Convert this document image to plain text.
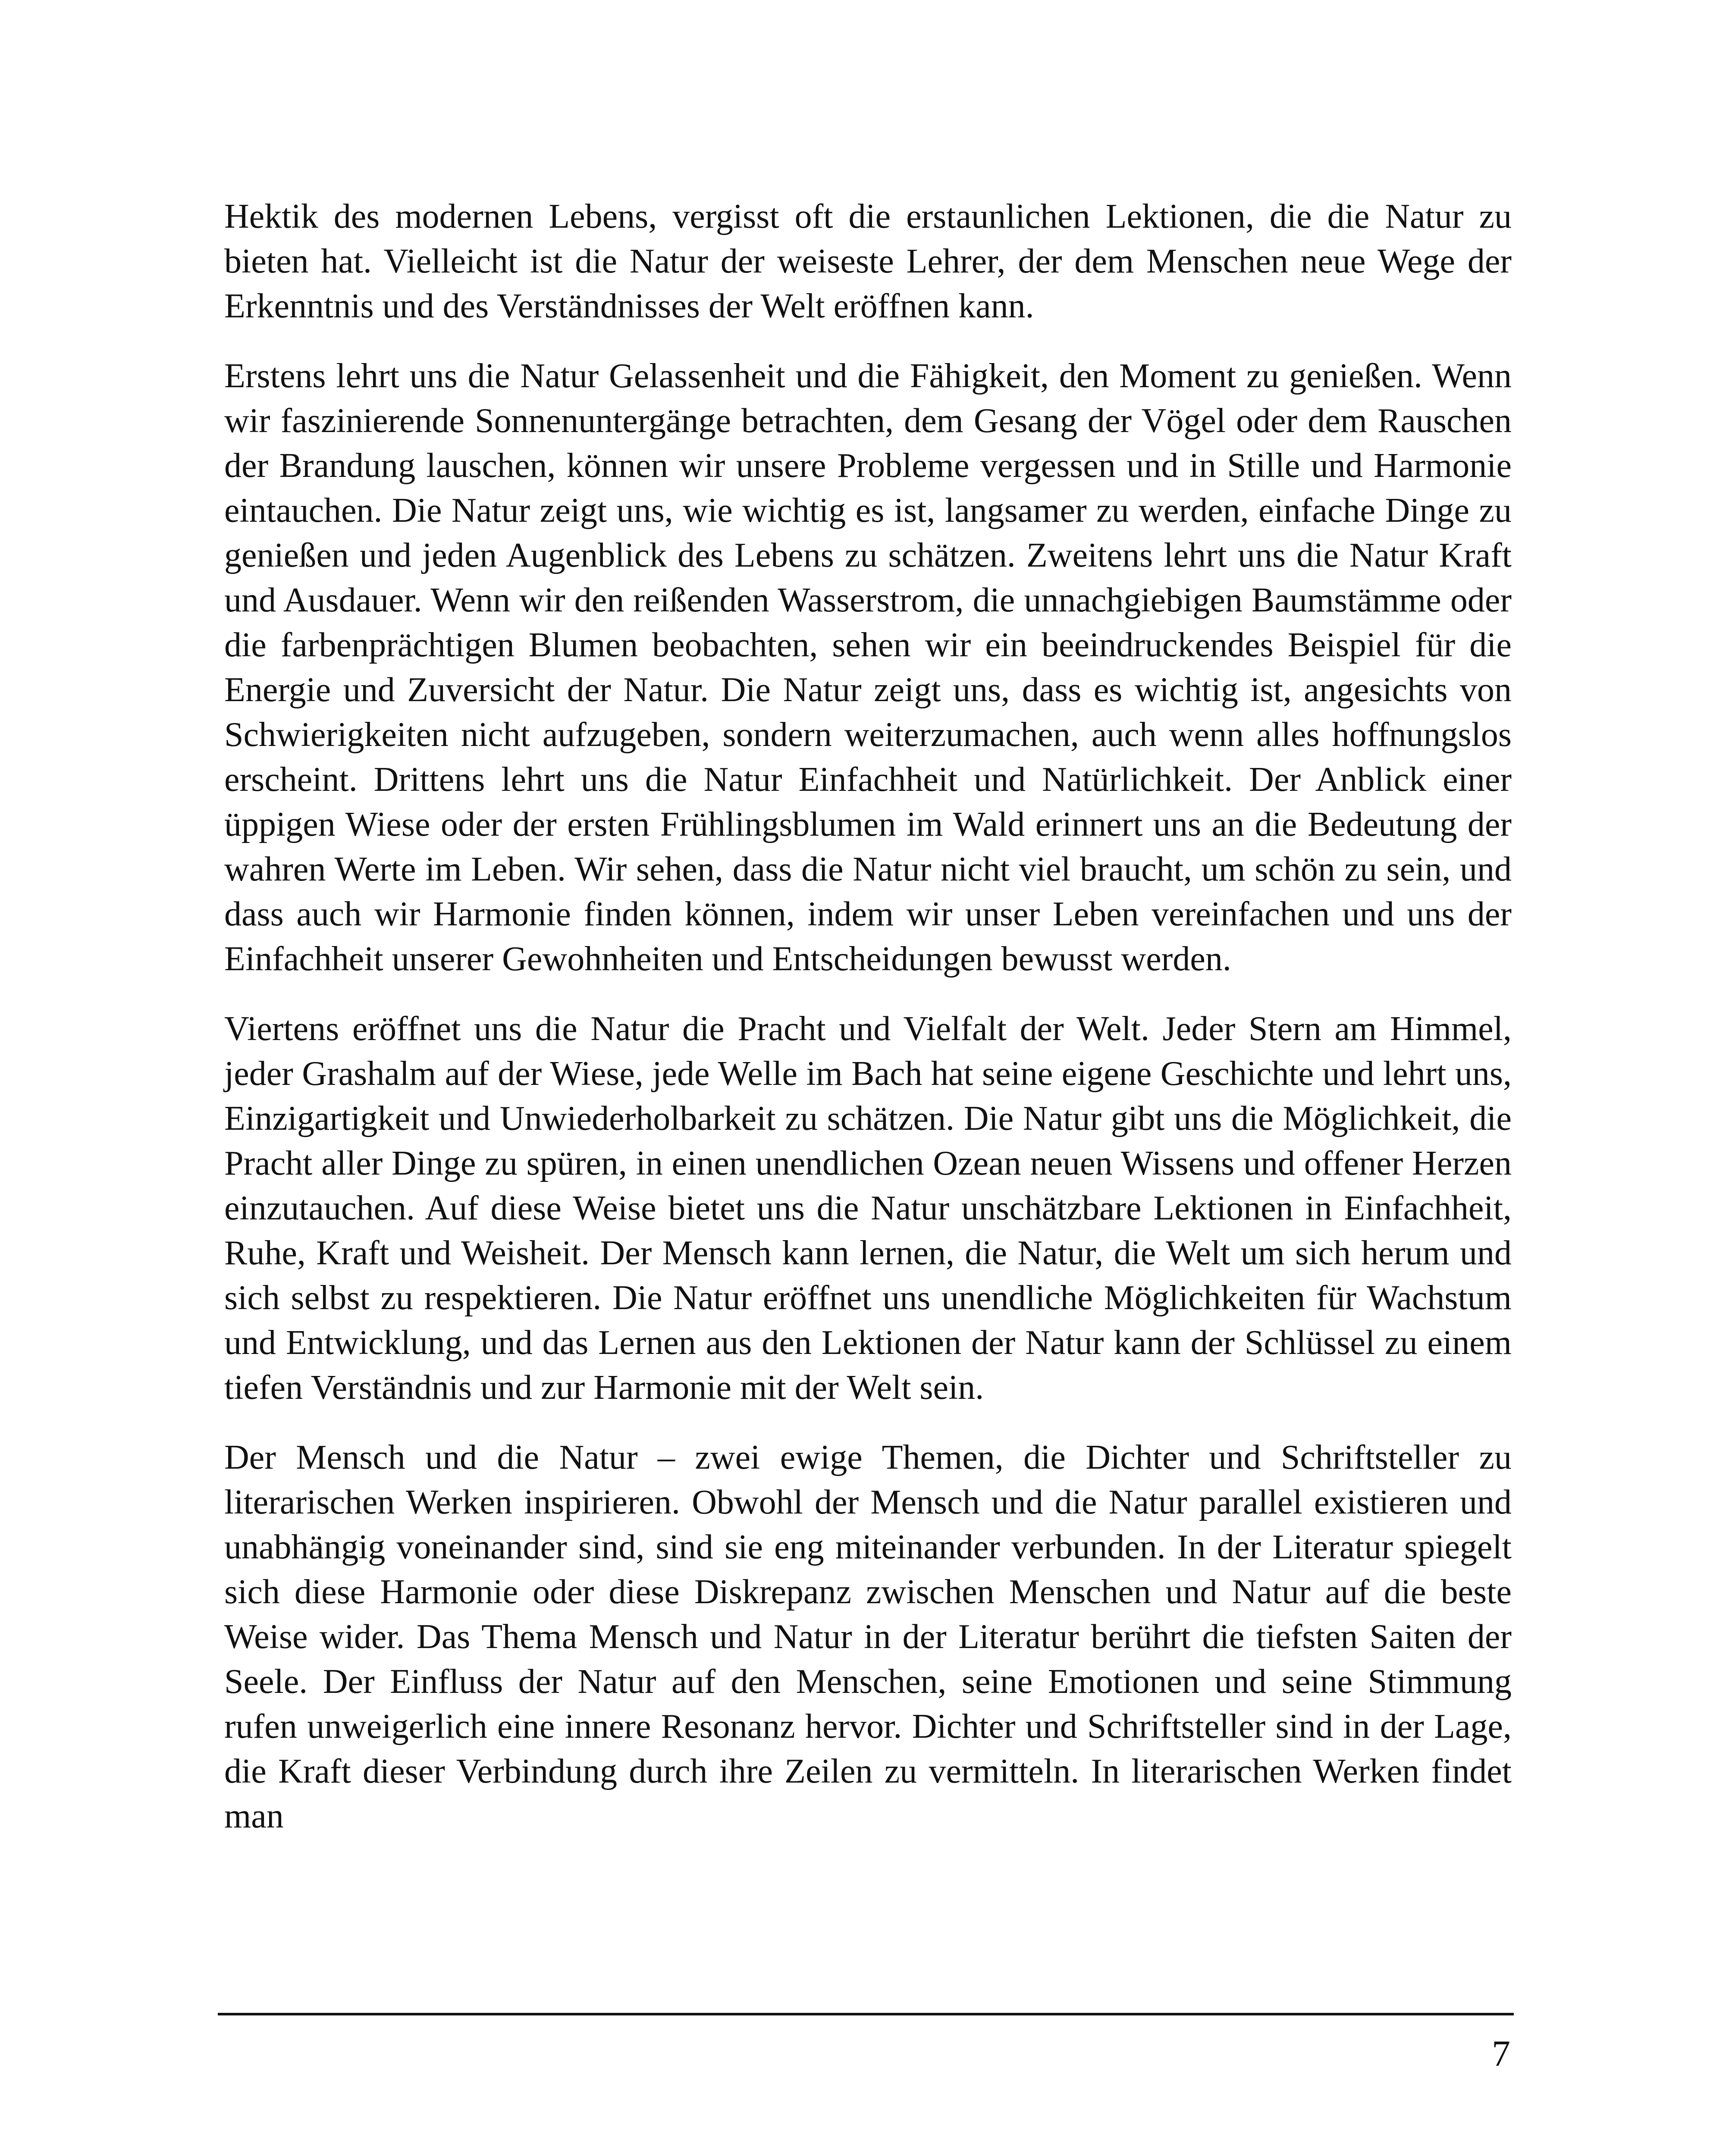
Hektik des modernen Lebens, vergisst oft die erstaunlichen Lektionen, die die Natur zu bieten hat. Vielleicht ist die Natur der weiseste Lehrer, der dem Menschen neue Wege der Erkenntnis und des Verständnisses der Welt eröffnen kann.

Erstens lehrt uns die Natur Gelassenheit und die Fähigkeit, den Moment zu genießen. Wenn wir faszinierende Sonnenuntergänge betrachten, dem Gesang der Vögel oder dem Rauschen der Brandung lauschen, können wir unsere Probleme vergessen und in Stille und Harmonie eintauchen. Die Natur zeigt uns, wie wichtig es ist, langsamer zu werden, einfache Dinge zu genießen und jeden Augenblick des Lebens zu schätzen. Zweitens lehrt uns die Natur Kraft und Ausdauer. Wenn wir den reißenden Wasserstrom, die unnachgiebigen Baumstämme oder die farbenprächtigen Blumen beobachten, sehen wir ein beeindruckendes Beispiel für die Energie und Zuversicht der Natur. Die Natur zeigt uns, dass es wichtig ist, angesichts von Schwierigkeiten nicht aufzugeben, sondern weiterzumachen, auch wenn alles hoffnungslos erscheint. Drittens lehrt uns die Natur Einfachheit und Natürlichkeit. Der Anblick einer üppigen Wiese oder der ersten Frühlingsblumen im Wald erinnert uns an die Bedeutung der wahren Werte im Leben. Wir sehen, dass die Natur nicht viel braucht, um schön zu sein, und dass auch wir Harmonie finden können, indem wir unser Leben vereinfachen und uns der Einfachheit unserer Gewohnheiten und Entscheidungen bewusst werden.

Viertens eröffnet uns die Natur die Pracht und Vielfalt der Welt. Jeder Stern am Himmel, jeder Grashalm auf der Wiese, jede Welle im Bach hat seine eigene Geschichte und lehrt uns, Einzigartigkeit und Unwiederholbarkeit zu schätzen. Die Natur gibt uns die Möglichkeit, die Pracht aller Dinge zu spüren, in einen unendlichen Ozean neuen Wissens und offener Herzen einzutauchen. Auf diese Weise bietet uns die Natur unschätzbare Lektionen in Einfachheit, Ruhe, Kraft und Weisheit. Der Mensch kann lernen, die Natur, die Welt um sich herum und sich selbst zu respektieren. Die Natur eröffnet uns unendliche Möglichkeiten für Wachstum und Entwicklung, und das Lernen aus den Lektionen der Natur kann der Schlüssel zu einem tiefen Verständnis und zur Harmonie mit der Welt sein.

Der Mensch und die Natur – zwei ewige Themen, die Dichter und Schriftsteller zu literarischen Werken inspirieren. Obwohl der Mensch und die Natur parallel existieren und unabhängig voneinander sind, sind sie eng miteinander verbunden. In der Literatur spiegelt sich diese Harmonie oder diese Diskrepanz zwischen Menschen und Natur auf die beste Weise wider. Das Thema Mensch und Natur in der Literatur berührt die tiefsten Saiten der Seele. Der Einfluss der Natur auf den Menschen, seine Emotionen und seine Stimmung rufen unweigerlich eine innere Resonanz hervor. Dichter und Schriftsteller sind in der Lage, die Kraft dieser Verbindung durch ihre Zeilen zu vermitteln. In literarischen Werken findet man

7
